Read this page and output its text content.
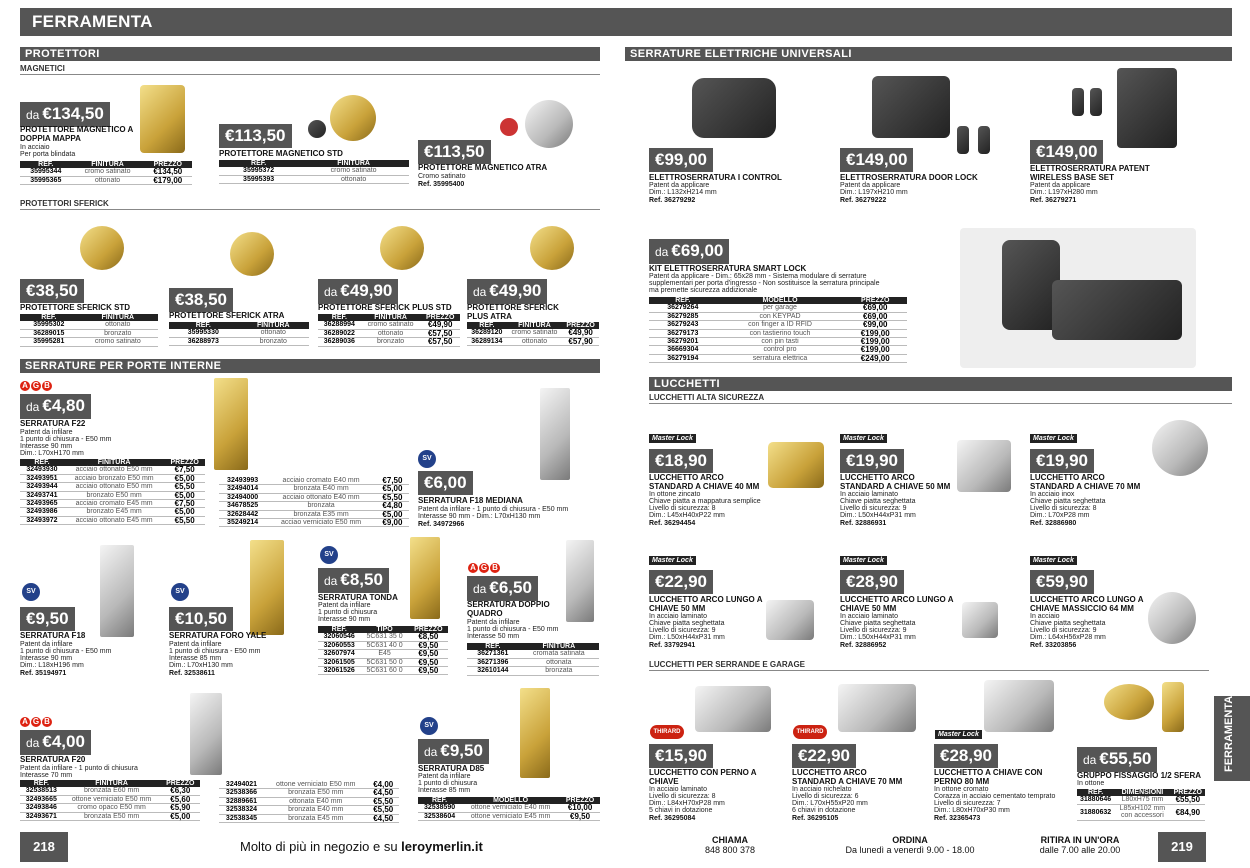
FERRAMENTA
PROTETTORI
MAGNETICI
da €134,50
PROTETTORE MAGNETICO A DOPPIA MAPPA
In acciaio
Per porta blindata
REF.	FINITURA	PREZZO
35995344	cromo satinato	€134,50
35995365	ottonato	€179,00
€113,50
PROTETTORE MAGNETICO STD
REF.	FINITURA
35995372	cromo satinato
35995393	ottonato
€113,50
PROTETTORE MAGNETICO ATRA
Cromo satinato
Ref. 35995400
PROTETTORI SFERICK
€38,50
PROTETTORE SFERICK STD
REF.	FINITURA
35995302	ottonato
36289015	bronzato
35995281	cromo satinato
€38,50
PROTETTORE SFERICK ATRA
REF.	FINITURA
35995330	ottonato
36288973	bronzato
da €49,90
PROTETTORE SFERICK PLUS STD
REF.	FINITURA	PREZZO
36288994	cromo satinato	€49,90
36289022	ottonato	€57,50
36289036	bronzato	€57,50
da €49,90
PROTETTORE SFERICK PLUS ATRA
REF.	FINITURA	PREZZO
36289120	cromo satinato	€49,90
36289134	ottonato	€57,90
SERRATURE PER PORTE INTERNE
A G B
da €4,80
SERRATURA F22
Patent da infilare
1 punto di chiusura - E50 mm
Interasse 90 mm
Dim.: L70xH170 mm
REF.	FINITURA	PREZZO
32493930	acciaio ottonato E50 mm	€7,50
32493951	acciaio bronzato E50 mm	€5,00
32493944	acciaio ottonato E50 mm	€5,50
32493741	bronzato E50 mm	€5,00
32493965	acciaio cromato E45 mm	€7,50
32493986	bronzato E45 mm	€5,00
32493972	acciaio ottonato E45 mm	€5,50
32493993	acciaio cromato E40 mm	€7,50
32494014	bronzata E40 mm	€5,00
32494000	acciaio ottonato E40 mm	€5,50
34678525	bronzata	€4,80
32628442	bronzata E35 mm	€5,00
35249214	acciao verniciato E50 mm	€9,00
SV
€6,00
SERRATURA F18 MEDIANA
Patent da infilare - 1 punto di chiusura - E50 mm
Interasse 90 mm - Dim.: L70xH130 mm
Ref. 34972966
SV
€9,50
SERRATURA F18
Patent da infilare
1 punto di chiusura - E50 mm
Interasse 90 mm
Dim.: L18xH196 mm
Ref. 35194971
SV
€10,50
SERRATURA FORO YALE
Patent da infilare
1 punto di chiusura - E50 mm
Interasse 85 mm
Dim.: L70xH130 mm
Ref. 32538611
SV
da €8,50
SERRATURA TONDA
Patent da infilare
1 punto di chiusura
Interasse 90 mm
REF.	TIPO	PREZZO
32060546	5C631 35 0	€8,50
32060553	5C631 40 0	€9,50
32607974	E45	€9,50
32061505	5C631 50 0	€9,50
32061526	5C631 60 0	€9,50
A G B
da €6,50
SERRATURA DOPPIO QUADRO
Patent da infilare
1 punto di chiusura - E50 mm
Interasse 50 mm
REF.	FINITURA
36271361	cromata satinata
36271396	ottonata
32610144	bronzata
A G B
da €4,00
SERRATURA F20
Patent da infilare - 1 punto di chiusura
Interasse 70 mm
REF.	FINITURA	PREZZO
32538513	bronzata E60 mm	€6,30
32493665	ottone verniciato E50 mm	€5,60
32493846	cromo opaco E50 mm	€5,90
32493671	bronzata E50 mm	€5,00
32494021	ottone verniciato E50 mm	€4,00
32538366	bronzata E50 mm	€4,50
32889661	ottonata E40 mm	€5,50
32538324	bronzata E40 mm	€5,50
32538345	bronzata E45 mm	€4,50
SV
da €9,50
SERRATURA D85
Patent da infilare
1 punto di chiusura
Interasse 85 mm
REF.	MODELLO	PREZZO
32538590	ottone verniciato E40 mm	€10,00
32538604	ottone verniciato E45 mm	€9,50
SERRATURE ELETTRICHE UNIVERSALI
€99,00
ELETTROSERRATURA I CONTROL
Patent da applicare
Dim.: L132xH214 mm
Ref. 36279292
€149,00
ELETTROSERRATURA DOOR LOCK
Patent da applicare
Dim.: L197xH210 mm
Ref. 36279222
€149,00
ELETTROSERRATURA PATENT WIRELESS BASE SET
Patent da applicare
Dim.: L197xH280 mm
Ref. 36279271
da €69,00
KIT ELETTROSERRATURA SMART LOCK
Patent da applicare - Dim.: 65x28 mm - Sistema modulare di serrature
supplementari per porta d'ingresso - Non sostituisce la serratura principale
ma premette sicurezza addizionale
REF.	MODELLO	PREZZO
36279264	per garage	€69,00
36279285	con KEYPAD	€69,00
36279243	con finger a ID RFID	€99,00
36279173	con tastierino touch	€199,00
36279201	con pin tasti	€199,00
36669304	control pro	€199,00
36279194	serratura elettrica	€249,00
LUCCHETTI
LUCCHETTI ALTA SICUREZZA
Master Lock
€18,90
LUCCHETTO ARCO STANDARD A CHIAVE 40 MM
In ottone zincato
Chiave piatta a mappatura semplice
Livello di sicurezza: 8
Dim.: L45xH40xP22 mm
Ref. 36294454
Master Lock
€19,90
LUCCHETTO ARCO STANDARD A CHIAVE 50 MM
In acciaio laminato
Chiave piatta seghettata
Livello di sicurezza: 9
Dim.: L50xH44xP31 mm
Ref. 32886931
Master Lock
€19,90
LUCCHETTO ARCO STANDARD A CHIAVE 70 MM
In acciaio inox
Chiave piatta seghettata
Livello di sicurezza: 8
Dim.: L70xP28 mm
Ref. 32886980
Master Lock
€22,90
LUCCHETTO ARCO LUNGO A CHIAVE 50 MM
In acciaio laminato
Chiave piatta seghettata
Livello di sicurezza: 9
Dim.: L50xH44xP31 mm
Ref. 33792941
Master Lock
€28,90
LUCCHETTO ARCO LUNGO A CHIAVE 50 MM
In acciaio laminato
Chiave piatta seghettata
Livello di sicurezza: 9
Dim.: L50xH44xP31 mm
Ref. 32886952
Master Lock
€59,90
LUCCHETTO ARCO LUNGO A CHIAVE MASSICCIO 64 MM
In acciaio
Chiave piatta seghettata
Livello di sicurezza: 9
Dim.: L64xH56xP28 mm
Ref. 33203856
LUCCHETTI PER SERRANDE E GARAGE
THIRARD
€15,90
LUCCHETTO CON PERNO A CHIAVE
In acciaio laminato
Livello di sicurezza: 8
Dim.: L84xH70xP28 mm
5 chiavi in dotazione
Ref. 36295084
THIRARD
€22,90
LUCCHETTO ARCO STANDARD A CHIAVE 70 MM
In acciaio nichelato
Livello di sicurezza: 6
Dim.: L70xH55xP20 mm
6 chiavi in dotazione
Ref. 36295105
Master Lock
€28,90
LUCCHETTO A CHIAVE CON PERNO 80 MM
In ottone cromato
Corazza in acciaio cementato temprato
Livello di sicurezza: 7
Dim.: L80xH70xP30 mm
Ref. 32365473
da €55,50
GRUPPO FISSAGGIO 1/2 SFERA
In ottone
REF.	DIMENSIONI	PREZZO
31880646	L80xH75 mm	€55,50
31880632	L85xH102 mm con accessori	€84,90
FERRAMENTA
218	Molto di più in negozio e su leroymerlin.it	CHIAMA
848 800 378
ORDINA
Da lunedì a venerdì 9.00 - 18.00
RITIRA IN UN'ORA
dalle 7.00 alle 20.00	219
